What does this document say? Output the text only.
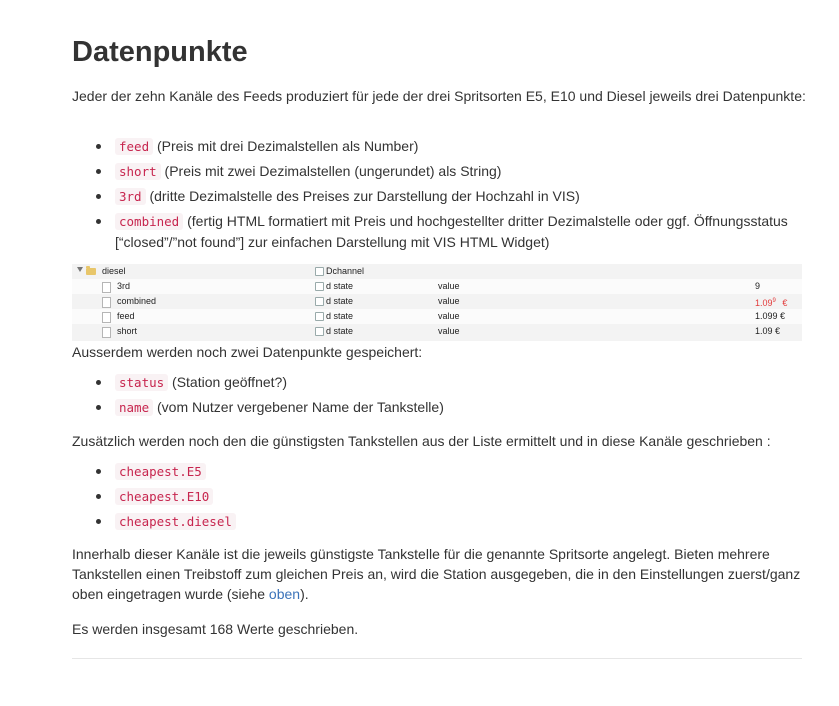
Datenpunkte

Jeder der zehn Kanäle des Feeds produziert für jede der drei Spritsorten E5, E10 und Diesel jeweils drei Datenpunkte:

feed (Preis mit drei Dezimalstellen als Number)
short (Preis mit zwei Dezimalstellen (ungerundet) als String)
3rd (dritte Dezimalstelle des Preises zur Darstellung der Hochzahl in VIS)
combined (fertig HTML formatiert mit Preis und hochgestellter dritter Dezimalstelle oder ggf. Öffnungsstatus [“closed”/”not found”] zur einfachen Darstellung mit VIS HTML Widget)
diesel	Dchannel
3rd	d state	value	9
combined	d state	value	1.09$^9$ €
feed	d state	value	1.099 €
short	d state	value	1.09 €

Ausserdem werden noch zwei Datenpunkte gespeichert:

status (Station geöffnet?)
name (vom Nutzer vergebener Name der Tankstelle)

Zusätzlich werden noch den die günstigsten Tankstellen aus der Liste ermittelt und in diese Kanäle geschrieben :

cheapest.E5
cheapest.E10
cheapest.diesel

Innerhalb dieser Kanäle ist die jeweils günstigste Tankstelle für die genannte Spritsorte angelegt. Bieten mehrere Tankstellen einen Treibstoff zum gleichen Preis an, wird die Station ausgegeben, die in den Einstellungen zuerst/ganz oben eingetragen wurde (siehe oben).

Es werden insgesamt 168 Werte geschrieben.
